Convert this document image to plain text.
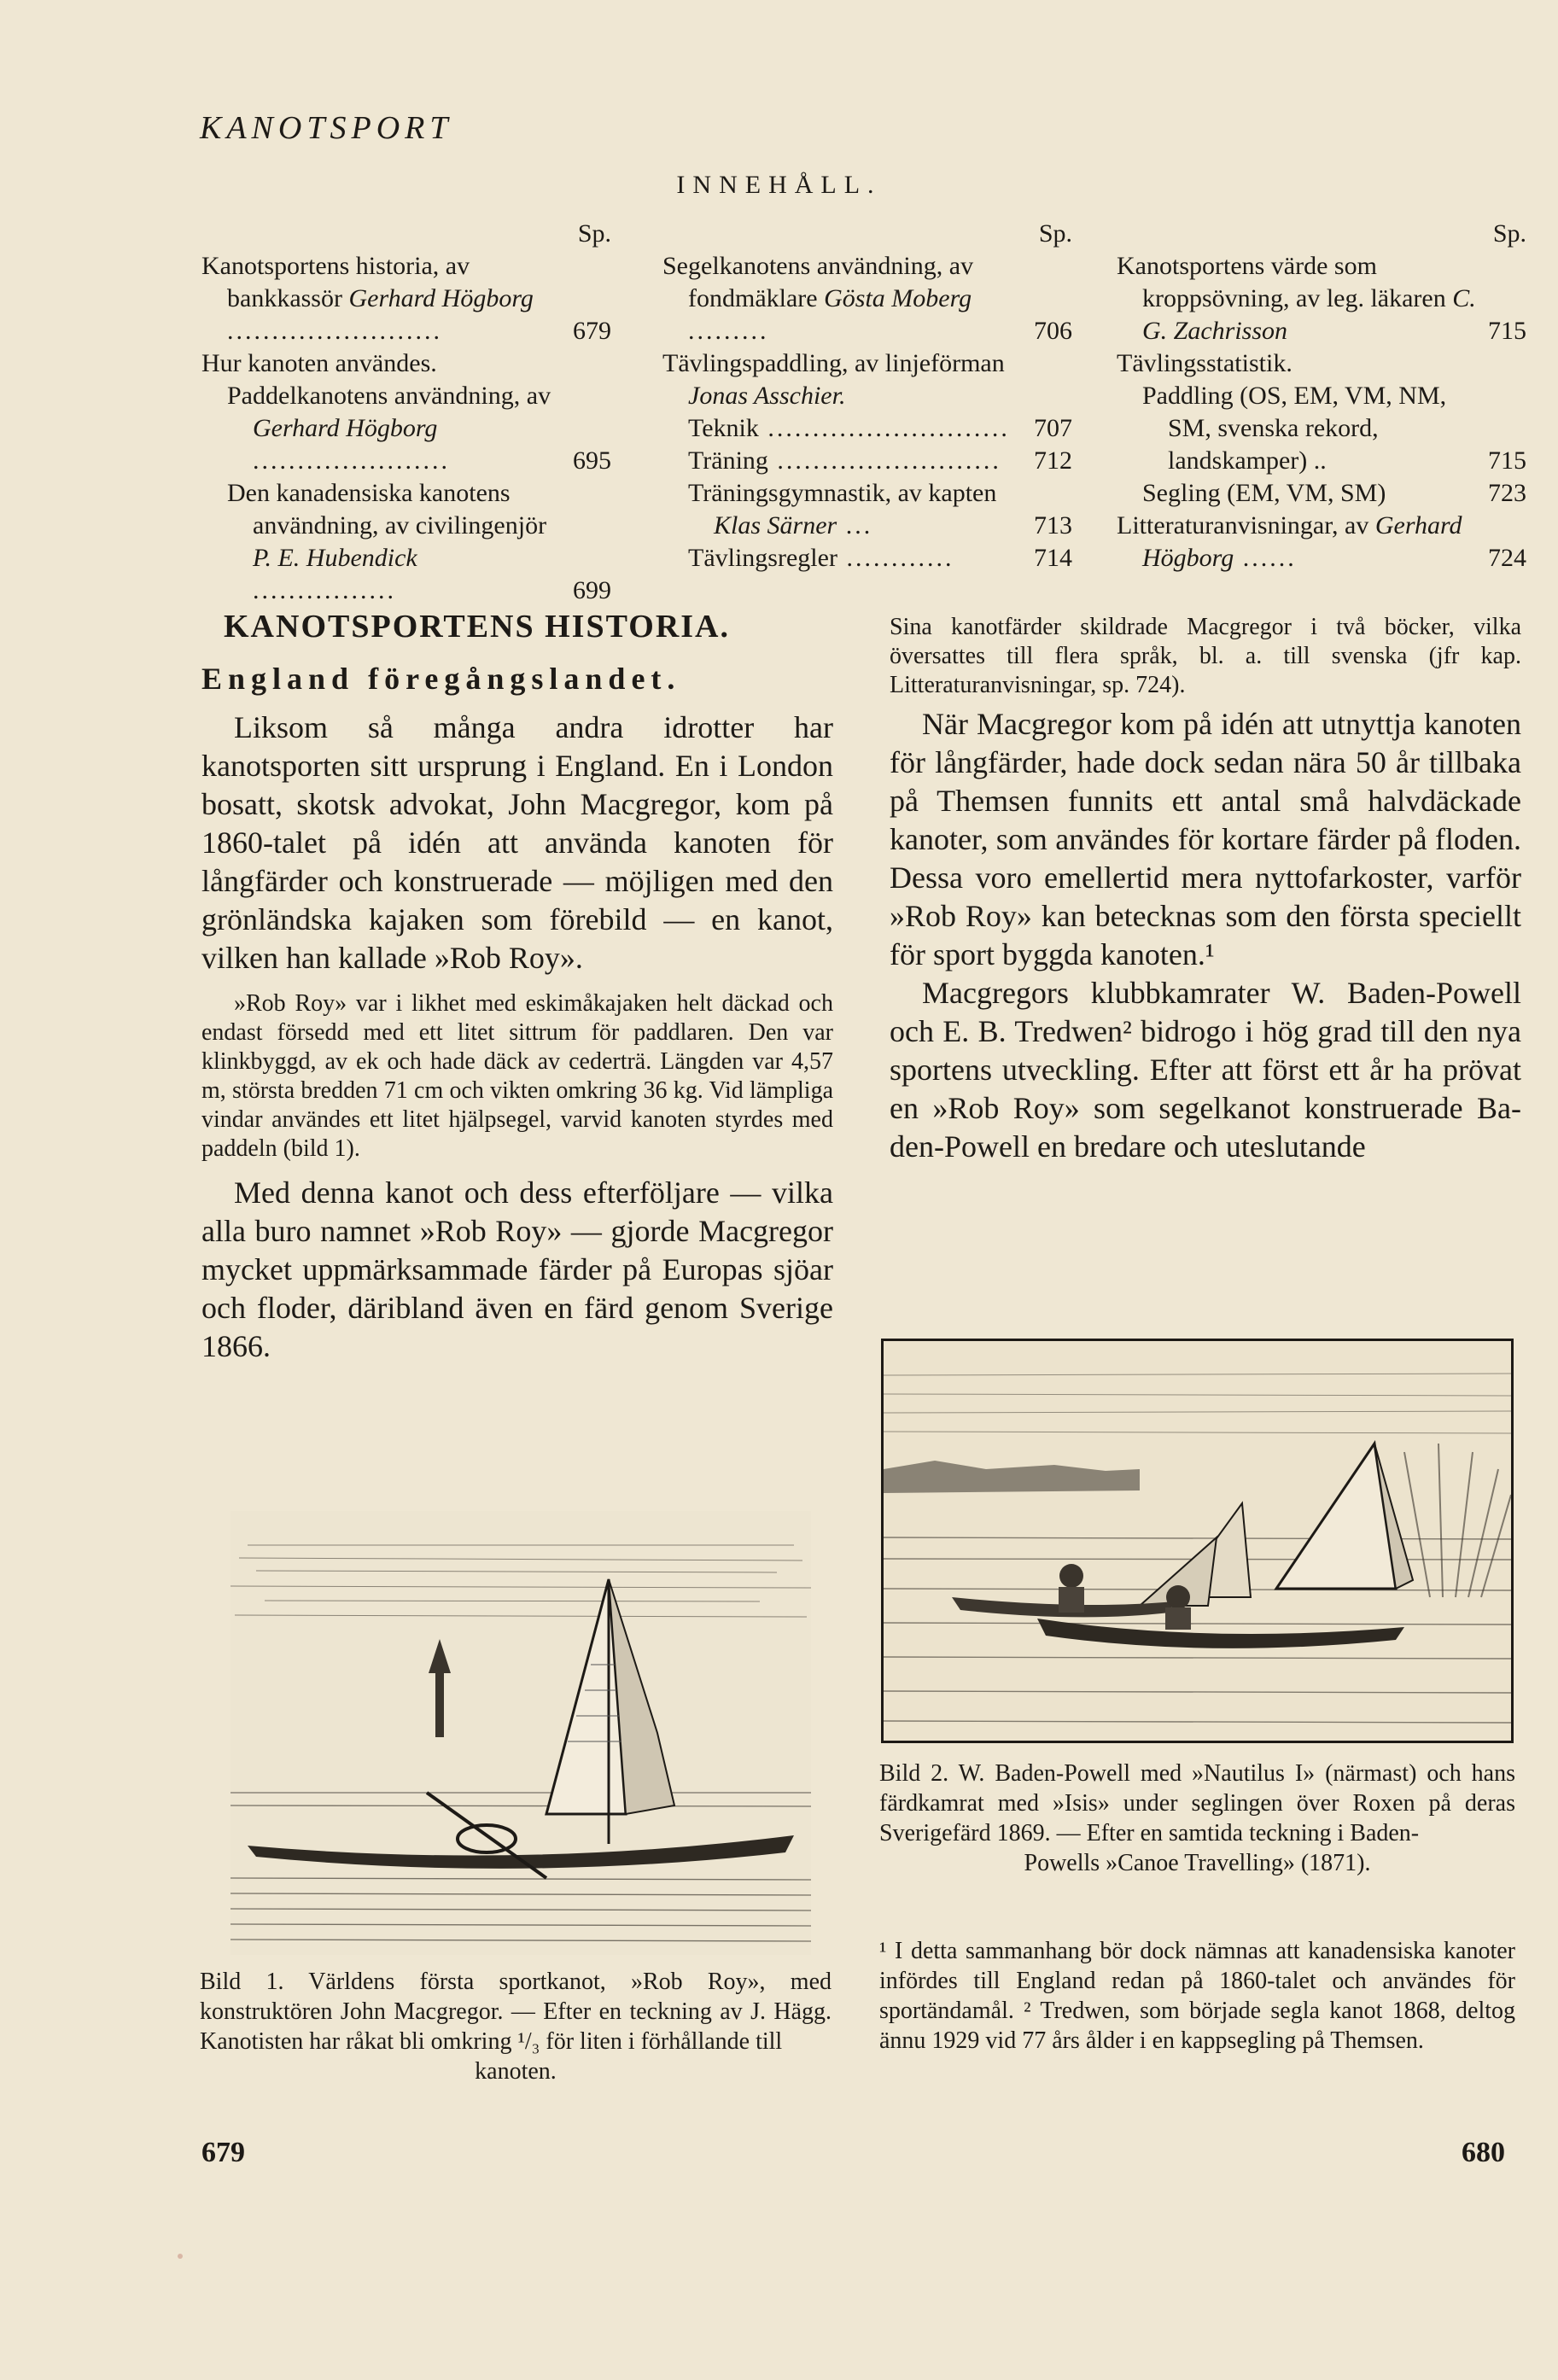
KANOTSPORT
INNEHÅLL.
Sp.
Kanotsportens historia, av bankkassör Gerhard Högborg ........................	679
Hur kanoten användes.
Paddelkanotens användning, av Gerhard Högborg ......................	695
Den kanadensiska kanotens användning, av civilingenjör P. E. Hubendick ................	699
Sp.
Segelkanotens användning, av fondmäklare Gösta Moberg .........	706
Tävlingspaddling, av linjeförman Jonas Asschier.
Teknik ........................... 707
Träning .........................	712
Träningsgymnastik, av kapten Klas Särner ...	713
Tävlingsregler ............	714
Sp.
Kanotsportens värde som kroppsövning, av leg. läkaren C. G. Zachrisson	715
Tävlingsstatistik.
Paddling (OS, EM, VM, NM, SM, svenska rekord, landskamper) ..	715
Segling (EM, VM, SM)	723
Litteraturanvisningar, av Gerhard Högborg ......	724
KANOTSPORTENS HISTORIA.
England föregångslandet.

Liksom så många andra idrotter har kanotsporten sitt ursprung i England. En i London bosatt, skotsk advokat, John Macgregor, kom på 1860-talet på idén att använda kanoten för långfärder och konstruerade — möjligen med den grönländska kajaken som förebild — en kanot, vilken han kallade »Rob Roy».

»Rob Roy» var i likhet med eskimåkajaken helt däckad och endast försedd med ett litet sittrum för paddlaren. Den var klinkbyggd, av ek och hade däck av cederträ. Längden var 4,57 m, största bredden 71 cm och vikten omkring 36 kg. Vid lämpliga vindar användes ett litet hjälpsegel, varvid kanoten styrdes med paddeln (bild 1).

Med denna kanot och dess efterföljare — vilka alla buro namnet »Rob Roy» — gjorde Macgregor mycket uppmärksammade färder på Europas sjöar och floder, däribland även en färd genom Sverige 1866.

Bild 1. Världens första sportkanot, »Rob Roy», med konstruktören John Macgregor. — Efter en teckning av J. Hägg. Kanotisten har råkat bli omkring ¹/₃ för liten i förhållande till
kanoten.

Sina kanotfärder skildrade Macgregor i två böcker, vilka översattes till flera språk, bl. a. till svenska (jfr kap. Litteraturanvisningar, sp. 724).

När Macgregor kom på idén att utnyttja kanoten för långfärder, hade dock sedan nära 50 år tillbaka på Themsen funnits ett antal små halvdäckade kanoter, som användes för kortare färder på floden. Dessa voro emellertid mera nyttofarkoster, varför »Rob Roy» kan betecknas som den första speciellt för sport byggda kanoten.¹

Macgregors klubbkamrater W. Baden-Powell och E. B. Tredwen² bidrogo i hög grad till den nya sportens utveckling. Efter att först ett år ha prövat en »Rob Roy» som segelkanot konstruerade Baden-Powell en bredare och uteslutande

Bild 2. W. Baden-Powell med »Nautilus I» (närmast) och hans färdkamrat med »Isis» under seglingen över Roxen på deras Sverigefärd 1869. — Efter en samtida teckning i Baden-
Powells »Canoe Travelling» (1871).
¹ I detta sammanhang bör dock nämnas att kanadensiska kanoter infördes till England redan på 1860-talet och användes för sportändamål. ² Tredwen, som började segla kanot 1868, deltog ännu 1929 vid 77 års ålder i en kappsegling på Themsen.
679	680
